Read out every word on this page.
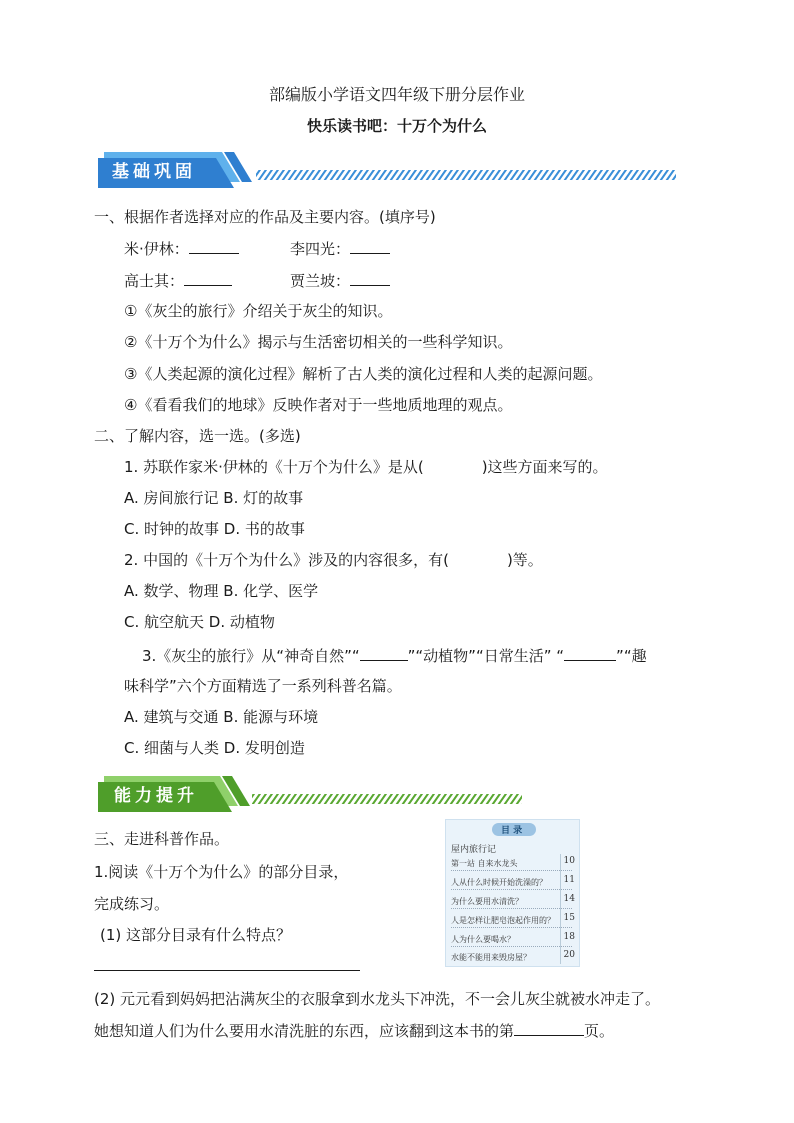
部编版小学语文四年级下册分层作业
快乐读书吧：十万个为什么
基础巩固
一、根据作者选择对应的作品及主要内容。(填序号)
米·伊林：	李四光：
高士其：	贾兰坡：
①《灰尘的旅行》介绍关于灰尘的知识。
②《十万个为什么》揭示与生活密切相关的一些科学知识。
③《人类起源的演化过程》解析了古人类的演化过程和人类的起源问题。
④《看看我们的地球》反映作者对于一些地质地理的观点。
二、了解内容，选一选。(多选)
1. 苏联作家米·伊林的《十万个为什么》是从(	)这些方面来写的。
A. 房间旅行记 B. 灯的故事
C. 时钟的故事 D. 书的故事
2. 中国的《十万个为什么》涉及的内容很多，有(	)等。
A. 数学、物理 B. 化学、医学
C. 航空航天 D. 动植物
3.《灰尘的旅行》从“神奇自然”“	”“动植物”“日常生活” “	”“趣
味科学”六个方面精选了一系列科普名篇。
A. 建筑与交通 B. 能源与环境
C. 细菌与人类 D. 发明创造
能力提升
三、走进科普作品。
1.阅读《十万个为什么》的部分目录，
完成练习。
(1) 这部分目录有什么特点？
(2) 元元看到妈妈把沾满灰尘的衣服拿到水龙头下冲洗，不一会儿灰尘就被水冲走了。
她想知道人们为什么要用水清洗脏的东西，应该翻到这本书的第	页。
目 录
屋内旅行记
第一站 自来水龙头	10
人从什么时候开始洗澡的？	11
为什么要用水清洗？	14
人是怎样让肥皂泡起作用的？ 15
人为什么要喝水？	18
水能不能用来毁房屋？	20
